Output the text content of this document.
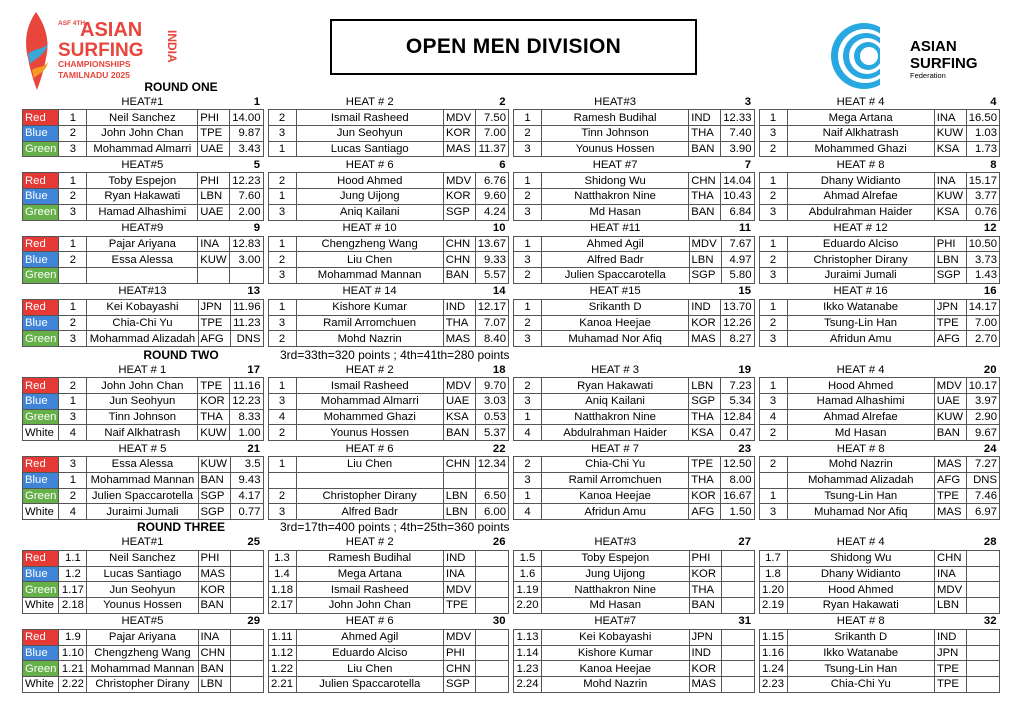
ASF 4TH
ASIAN
SURFING
CHAMPIONSHIPS
TAMILNADU 2025
INDIA	OPEN MEN DIVISION	ASIAN
SURFING
Federation
ROUND ONE
		HEAT#1		1
Red	1	Neil Sanchez	PHI	14.00
Blue	2	John John Chan	TPE	9.87
Green	3	Mohammad Almarri	UAE	3.43
	HEAT # 2		2
2	Ismail Rasheed	MDV	7.50
3	Jun Seohyun	KOR	7.00
1	Lucas Santiago	MAS	11.37
	HEAT#3		3
1	Ramesh Budihal	IND	12.33
2	Tinn Johnson	THA	7.40
3	Younus Hossen	BAN	3.90
	HEAT # 4		4
1	Mega Artana	INA	16.50
3	Naif Alkhatrash	KUW	1.03
2	Mohammed Ghazi	KSA	1.73
		HEAT#5		5
Red	1	Toby Espejon	PHI	12.23
Blue	2	Ryan Hakawati	LBN	7.60
Green	3	Hamad Alhashimi	UAE	2.00
	HEAT # 6		6
2	Hood Ahmed	MDV	6.76
1	Jung Uijong	KOR	9.60
3	Aniq Kailani	SGP	4.24
	HEAT #7		7
1	Shidong Wu	CHN	14.04
2	Natthakron Nine	THA	10.43
3	Md Hasan	BAN	6.84
	HEAT # 8		8
1	Dhany Widianto	INA	15.17
2	Ahmad Alrefae	KUW	3.77
3	Abdulrahman Haider	KSA	0.76
		HEAT#9		9
Red	1	Pajar Ariyana	INA	12.83
Blue	2	Essa Alessa	KUW	3.00
Green				
	HEAT # 10		10
1	Chengzheng Wang	CHN	13.67
2	Liu Chen	CHN	9.33
3	Mohammad Mannan	BAN	5.57
	HEAT #11		11
1	Ahmed Agil	MDV	7.67
3	Alfred Badr	LBN	4.97
2	Julien Spaccarotella	SGP	5.80
	HEAT # 12		12
1	Eduardo Alciso	PHI	10.50
2	Christopher Dirany	LBN	3.73
3	Juraimi Jumali	SGP	1.43
		HEAT#13		13
Red	1	Kei Kobayashi	JPN	11.96
Blue	2	Chia-Chi Yu	TPE	11.23
Green	3	Mohammad Alizadah	AFG	DNS
	HEAT # 14		14
1	Kishore Kumar	IND	12.17
3	Ramil Arromchuen	THA	7.07
2	Mohd Nazrin	MAS	8.40
	HEAT #15		15
1	Srikanth D	IND	13.70
2	Kanoa Heejae	KOR	12.26
3	Muhamad Nor Afiq	MAS	8.27
	HEAT # 16		16
1	Ikko Watanabe	JPN	14.17
2	Tsung-Lin Han	TPE	7.00
3	Afridun Amu	AFG	2.70
ROUND TWO	3rd=33th=320 points ; 4th=41th=280 points
		HEAT # 1		17
Red	2	John John Chan	TPE	11.16
Blue	1	Jun Seohyun	KOR	12.23
Green	3	Tinn Johnson	THA	8.33
White	4	Naif Alkhatrash	KUW	1.00
	HEAT # 2		18
1	Ismail Rasheed	MDV	9.70
3	Mohammad Almarri	UAE	3.03
4	Mohammed Ghazi	KSA	0.53
2	Younus Hossen	BAN	5.37
	HEAT # 3		19
2	Ryan Hakawati	LBN	7.23
3	Aniq Kailani	SGP	5.34
1	Natthakron Nine	THA	12.84
4	Abdulrahman Haider	KSA	0.47
	HEAT # 4		20
1	Hood Ahmed	MDV	10.17
3	Hamad Alhashimi	UAE	3.97
4	Ahmad Alrefae	KUW	2.90
2	Md Hasan	BAN	9.67
		HEAT # 5		21
Red	3	Essa Alessa	KUW	3.5
Blue	1	Mohammad Mannan	BAN	9.43
Green	2	Julien Spaccarotella	SGP	4.17
White	4	Juraimi Jumali	SGP	0.77
	HEAT # 6		22
1	Liu Chen	CHN	12.34

2	Christopher Dirany	LBN	6.50
3	Alfred Badr	LBN	6.00
	HEAT # 7		23
2	Chia-Chi Yu	TPE	12.50
3	Ramil Arromchuen	THA	8.00
1	Kanoa Heejae	KOR	16.67
4	Afridun Amu	AFG	1.50
	HEAT # 8		24
2	Mohd Nazrin	MAS	7.27
	Mohammad Alizadah	AFG	DNS
1	Tsung-Lin Han	TPE	7.46
3	Muhamad Nor Afiq	MAS	6.97
ROUND THREE	3rd=17th=400 points ; 4th=25th=360 points
		HEAT#1		25
Red	1.1	Neil Sanchez	PHI	
Blue	1.2	Lucas Santiago	MAS	
Green	1.17	Jun Seohyun	KOR	
White	2.18	Younus Hossen	BAN	
	HEAT # 2		26
1.3	Ramesh Budihal	IND	
1.4	Mega Artana	INA	
1.18	Ismail Rasheed	MDV	
2.17	John John Chan	TPE	
	HEAT#3		27
1.5	Toby Espejon	PHI	
1.6	Jung Uijong	KOR	
1.19	Natthakron Nine	THA	
2.20	Md Hasan	BAN	
	HEAT # 4		28
1.7	Shidong Wu	CHN	
1.8	Dhany Widianto	INA	
1.20	Hood Ahmed	MDV	
2.19	Ryan Hakawati	LBN	
		HEAT#5		29
Red	1.9	Pajar Ariyana	INA	
Blue	1.10	Chengzheng Wang	CHN	
Green	1.21	Mohammad Mannan	BAN	
White	2.22	Christopher Dirany	LBN	
	HEAT # 6		30
1.11	Ahmed Agil	MDV	
1.12	Eduardo Alciso	PHI	
1.22	Liu Chen	CHN	
2.21	Julien Spaccarotella	SGP	
	HEAT#7		31
1.13	Kei Kobayashi	JPN	
1.14	Kishore Kumar	IND	
1.23	Kanoa Heejae	KOR	
2.24	Mohd Nazrin	MAS	
	HEAT # 8		32
1.15	Srikanth D	IND	
1.16	Ikko Watanabe	JPN	
1.24	Tsung-Lin Han	TPE	
2.23	Chia-Chi Yu	TPE	
